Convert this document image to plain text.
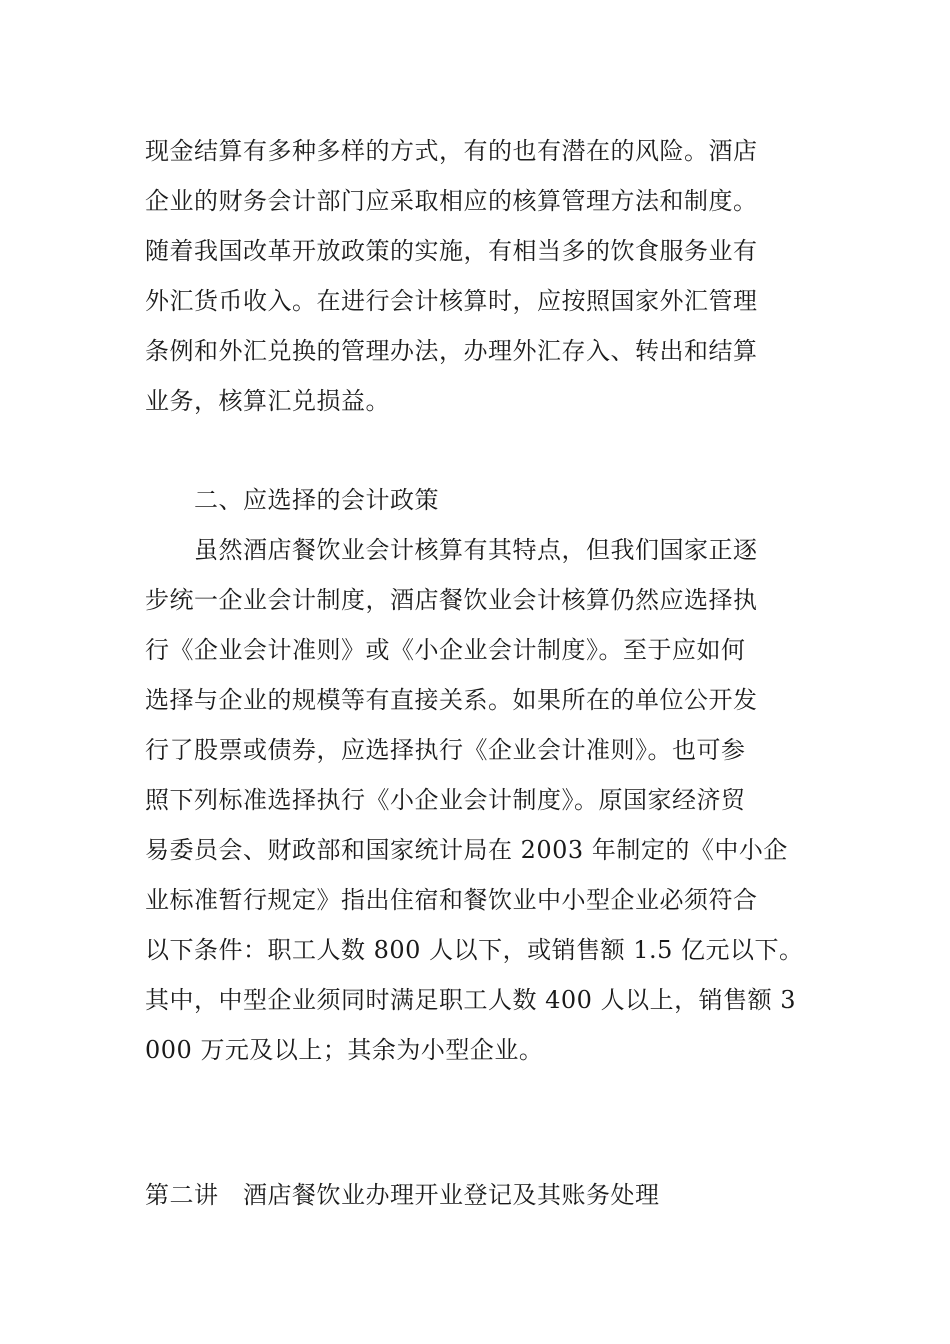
现金结算有多种多样的方式，有的也有潜在的风险。酒店
企业的财务会计部门应采取相应的核算管理方法和制度。
随着我国改革开放政策的实施，有相当多的饮食服务业有
外汇货币收入。在进行会计核算时，应按照国家外汇管理
条例和外汇兑换的管理办法，办理外汇存入、转出和结算
业务，核算汇兑损益。
二、应选择的会计政策
虽然酒店餐饮业会计核算有其特点，但我们国家正逐
步统一企业会计制度，酒店餐饮业会计核算仍然应选择执
行《企业会计准则》或《小企业会计制度》。至于应如何
选择与企业的规模等有直接关系。如果所在的单位公开发
行了股票或债券，应选择执行《企业会计准则》。也可参
照下列标准选择执行《小企业会计制度》。原国家经济贸
易委员会、财政部和国家统计局在 2003 年制定的《中小企
业标准暂行规定》指出住宿和餐饮业中小型企业必须符合
以下条件：职工人数 800 人以下，或销售额 1.5 亿元以下。
其中，中型企业须同时满足职工人数 400 人以上，销售额 3
000 万元及以上；其余为小型企业。
第二讲　酒店餐饮业办理开业登记及其账务处理
